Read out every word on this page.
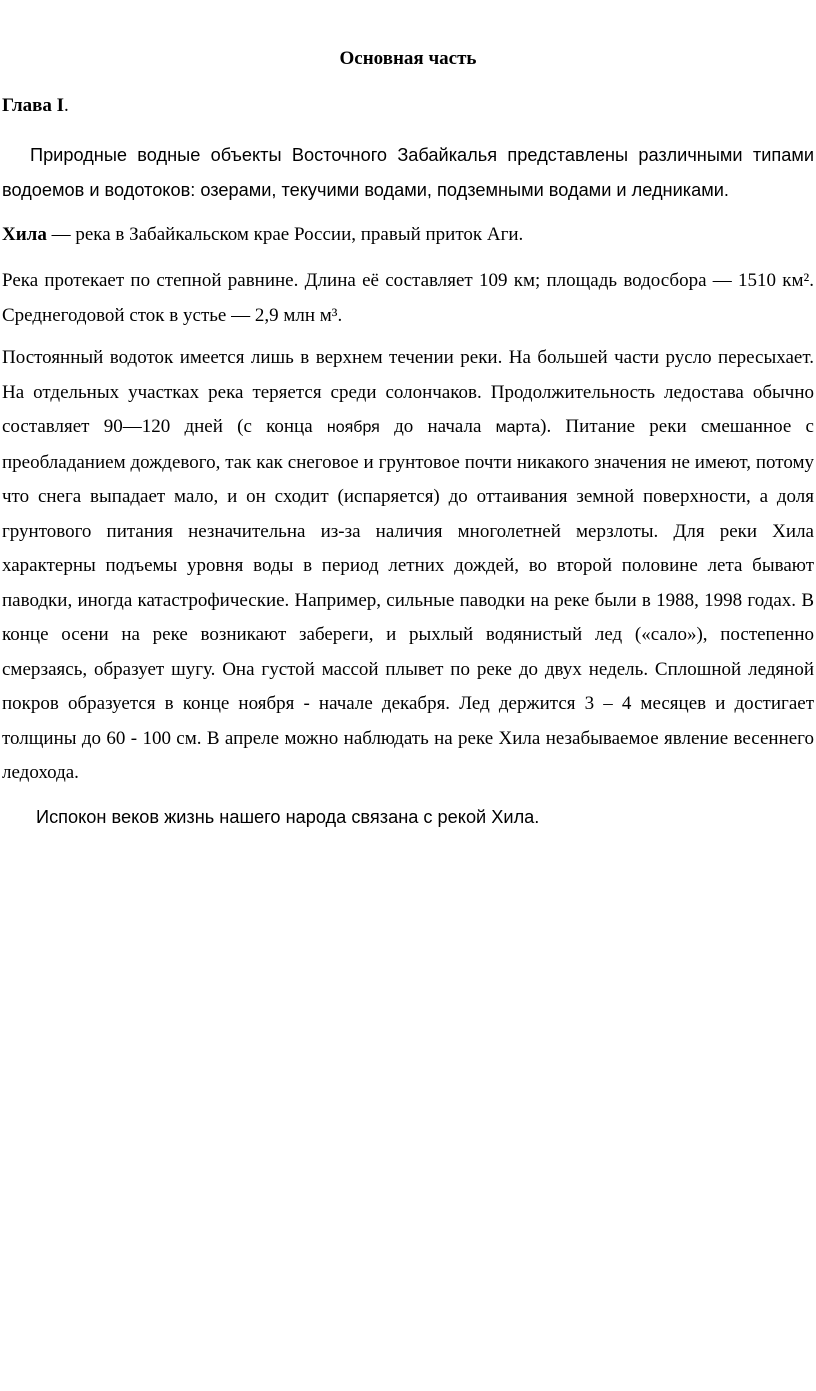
Основная часть

Глава I.

Природные водные объекты Восточного Забайкалья представлены различными типами водоемов и водотоков: озерами, текучими водами, подземными водами и ледниками.

Хила — река в Забайкальском крае России, правый приток Аги.

Река протекает по степной равнине. Длина её составляет 109 км; площадь водосбора — 1510 км². Среднегодовой сток в устье — 2,9 млн м³.

Постоянный водоток имеется лишь в верхнем течении реки. На большей части русло пересыхает. На отдельных участках река теряется среди солончаков. Продолжительность ледостава обычно составляет 90—120 дней (с конца ноября до начала марта). Питание реки смешанное с преобладанием дождевого, так как снеговое и грунтовое почти никакого значения не имеют, потому что снега выпадает мало, и он сходит (испаряется) до оттаивания земной поверхности, а доля грунтового питания незначительна из-за наличия многолетней мерзлоты. Для реки Хила характерны подъемы уровня воды в период летних дождей, во второй половине лета бывают паводки, иногда катастрофические. Например, сильные паводки на реке были в 1988, 1998 годах. В конце осени на реке возникают забереги, и рыхлый водянистый лед («сало»), постепенно смерзаясь, образует шугу. Она густой массой плывет по реке до двух недель. Сплошной ледяной покров образуется в конце ноября - начале декабря. Лед держится 3 – 4 месяцев и достигает толщины до 60 - 100 см. В апреле можно наблюдать на реке Хила незабываемое явление весеннего ледохода.

Испокон веков жизнь нашего народа связана с рекой Хила.
